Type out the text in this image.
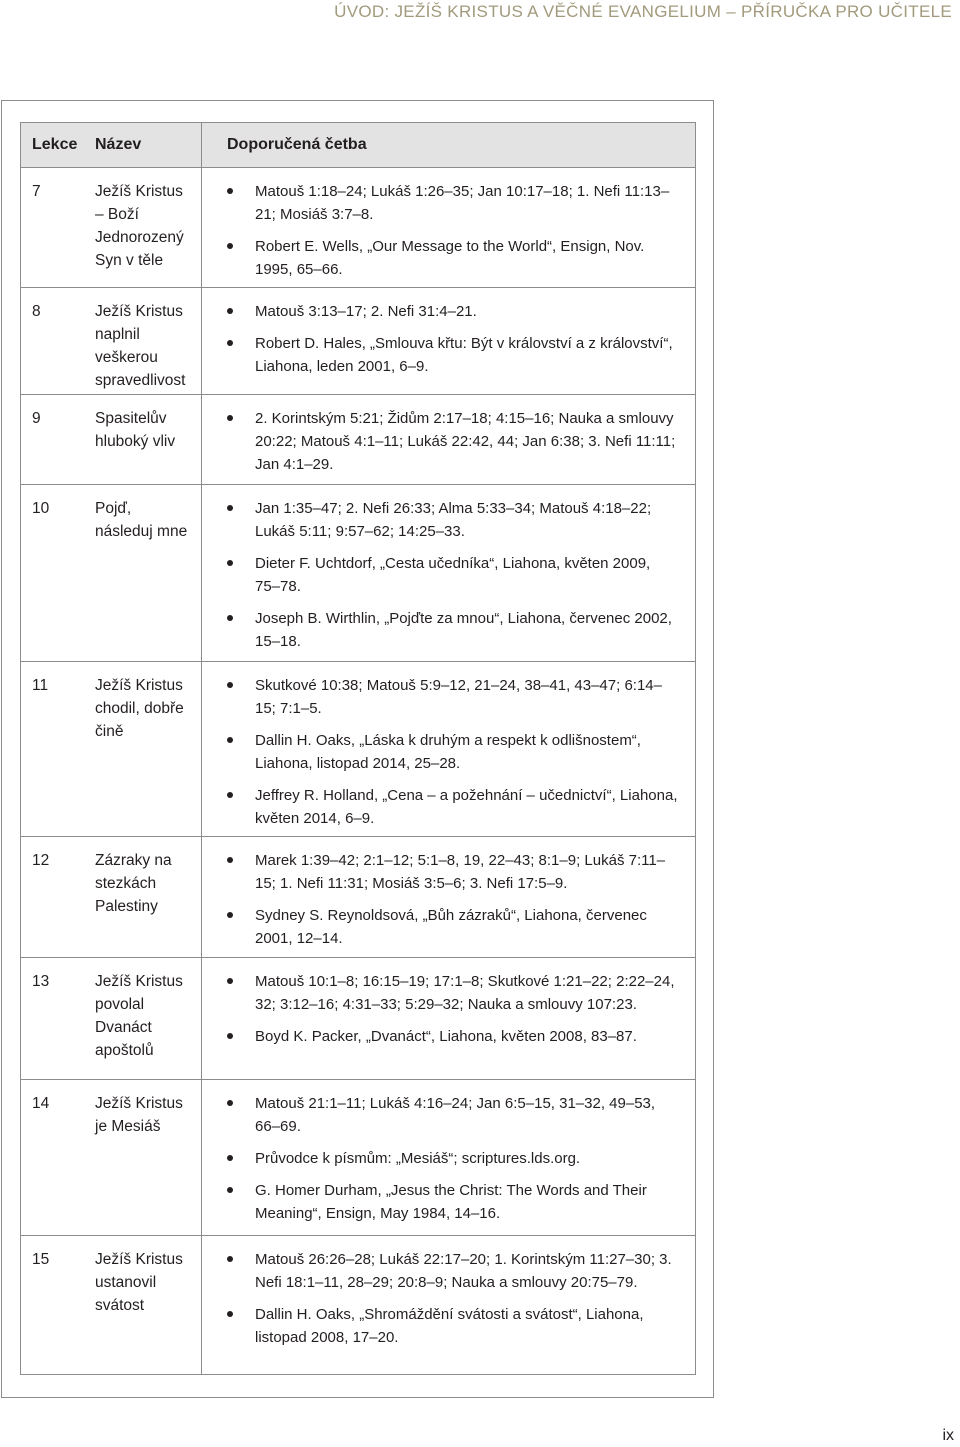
ÚVOD: JEŽÍŠ KRISTUS A VĚČNÉ EVANGELIUM – PŘÍRUČKA PRO UČITELE
Lekce	Název	Doporučená četba
7	Ježíš Kristus – Boží Jednorozený Syn v těle
Matouš 1:18–24; Lukáš 1:26–35; Jan 10:17–18; 1. Nefi 11:13–21; Mosiáš 3:7–8.
Robert E. Wells, „Our Message to the World“, Ensign, Nov. 1995, 65–66.
8	Ježíš Kristus naplnil veškerou spravedlivost
Matouš 3:13–17; 2. Nefi 31:4–21.
Robert D. Hales, „Smlouva křtu: Být v království a z království“, Liahona, leden 2001, 6–9.
9	Spasitelův hluboký vliv
2. Korintským 5:21; Židům 2:17–18; 4:15–16; Nauka a smlouvy 20:22; Matouš 4:1–11; Lukáš 22:42, 44; Jan 6:38; 3. Nefi 11:11; Jan 4:1–29.
10	Pojď, následuj mne
Jan 1:35–47; 2. Nefi 26:33; Alma 5:33–34; Matouš 4:18–22; Lukáš 5:11; 9:57–62; 14:25–33.
Dieter F. Uchtdorf, „Cesta učedníka“, Liahona, květen 2009, 75–78.
Joseph B. Wirthlin, „Pojďte za mnou“, Liahona, červenec 2002, 15–18.
11	Ježíš Kristus chodil, dobře čině
Skutkové 10:38; Matouš 5:9–12, 21–24, 38–41, 43–47; 6:14–15; 7:1–5.
Dallin H. Oaks, „Láska k druhým a respekt k odlišnostem“, Liahona, listopad 2014, 25–28.
Jeffrey R. Holland, „Cena – a požehnání – učednictví“, Liahona, květen 2014, 6–9.
12	Zázraky na stezkách Palestiny
Marek 1:39–42; 2:1–12; 5:1–8, 19, 22–43; 8:1–9; Lukáš 7:11–15; 1. Nefi 11:31; Mosiáš 3:5–6; 3. Nefi 17:5–9.
Sydney S. Reynoldsová, „Bůh zázraků“, Liahona, červenec 2001, 12–14.
13	Ježíš Kristus povolal Dvanáct apoštolů
Matouš 10:1–8; 16:15–19; 17:1–8; Skutkové 1:21–22; 2:22–24, 32; 3:12–16; 4:31–33; 5:29–32; Nauka a smlouvy 107:23.
Boyd K. Packer, „Dvanáct“, Liahona, květen 2008, 83–87.
14	Ježíš Kristus je Mesiáš
Matouš 21:1–11; Lukáš 4:16–24; Jan 6:5–15, 31–32, 49–53, 66–69.
Průvodce k písmům: „Mesiáš“; scriptures.lds.org.
G. Homer Durham, „Jesus the Christ: The Words and Their Meaning“, Ensign, May 1984, 14–16.
15	Ježíš Kristus ustanovil svátost
Matouš 26:26–28; Lukáš 22:17–20; 1. Korintským 11:27–30; 3. Nefi 18:1–11, 28–29; 20:8–9; Nauka a smlouvy 20:75–79.
Dallin H. Oaks, „Shromáždění svátosti a svátost“, Liahona, listopad 2008, 17–20.
ix
